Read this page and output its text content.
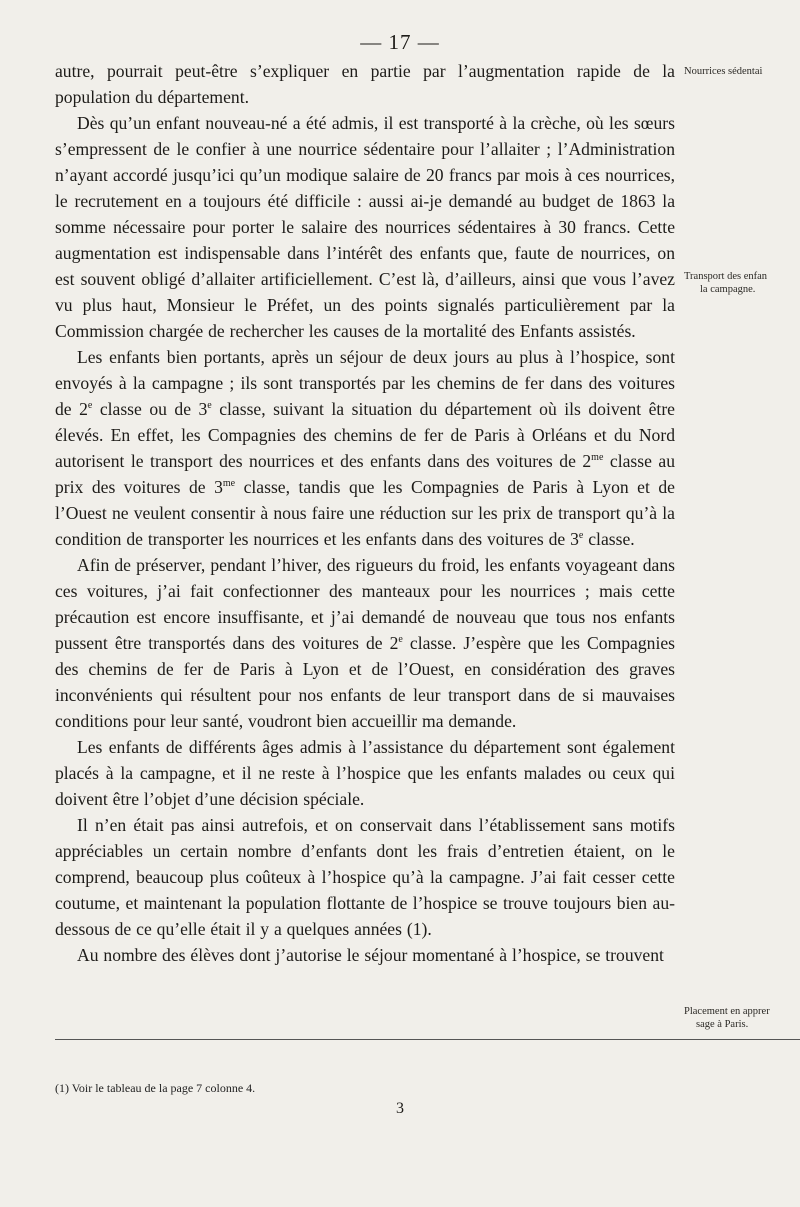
— 17 —

autre, pourrait peut-être s’expliquer en partie par l’augmentation rapide de la population du département.

Dès qu’un enfant nouveau-né a été admis, il est transporté à la crèche, où les sœurs s’empressent de le confier à une nourrice sédentaire pour l’allaiter ; l’Administration n’ayant accordé jusqu’ici qu’un modique salaire de 20 francs par mois à ces nourrices, le recrutement en a toujours été difficile : aussi ai-je demandé au budget de 1863 la somme nécessaire pour porter le salaire des nourrices sédentaires à 30 francs. Cette augmentation est indispensable dans l’intérêt des enfants que, faute de nourrices, on est souvent obligé d’allaiter artificiellement. C’est là, d’ailleurs, ainsi que vous l’avez vu plus haut, Monsieur le Préfet, un des points signalés particulièrement par la Commission chargée de rechercher les causes de la mortalité des Enfants assistés.

Les enfants bien portants, après un séjour de deux jours au plus à l’hospice, sont envoyés à la campagne ; ils sont transportés par les chemins de fer dans des voitures de 2e classe ou de 3e classe, suivant la situation du département où ils doivent être élevés. En effet, les Compagnies des chemins de fer de Paris à Orléans et du Nord autorisent le transport des nourrices et des enfants dans des voitures de $2^{me}$ classe au prix des voitures de $3^{me}$ classe, tandis que les Compagnies de Paris à Lyon et de l’Ouest ne veulent consentir à nous faire une réduction sur les prix de transport qu’à la condition de transporter les nourrices et les enfants dans des voitures de 3e classe.

Afin de préserver, pendant l’hiver, des rigueurs du froid, les enfants voyageant dans ces voitures, j’ai fait confectionner des manteaux pour les nourrices ; mais cette précaution est encore insuffisante, et j’ai demandé de nouveau que tous nos enfants pussent être transportés dans des voitures de 2e classe. J’espère que les Compagnies des chemins de fer de Paris à Lyon et de l’Ouest, en considération des graves inconvénients qui résultent pour nos enfants de leur transport dans de si mauvaises conditions pour leur santé, voudront bien accueillir ma demande.

Les enfants de différents âges admis à l’assistance du département sont également placés à la campagne, et il ne reste à l’hospice que les enfants malades ou ceux qui doivent être l’objet d’une décision spéciale.

Il n’en était pas ainsi autrefois, et on conservait dans l’établissement sans motifs appréciables un certain nombre d’enfants dont les frais d’entretien étaient, on le comprend, beaucoup plus coûteux à l’hospice qu’à la campagne. J’ai fait cesser cette coutume, et maintenant la population flottante de l’hospice se trouve toujours bien au-dessous de ce qu’elle était il y a quelques années (1).

Au nombre des élèves dont j’autorise le séjour momentané à l’hospice, se trouvent

Nourrices sédentai
Transport des enfan
la campagne.
Placement en apprer
sage à Paris.
(1) Voir le tableau de la page 7 colonne 4.
3
